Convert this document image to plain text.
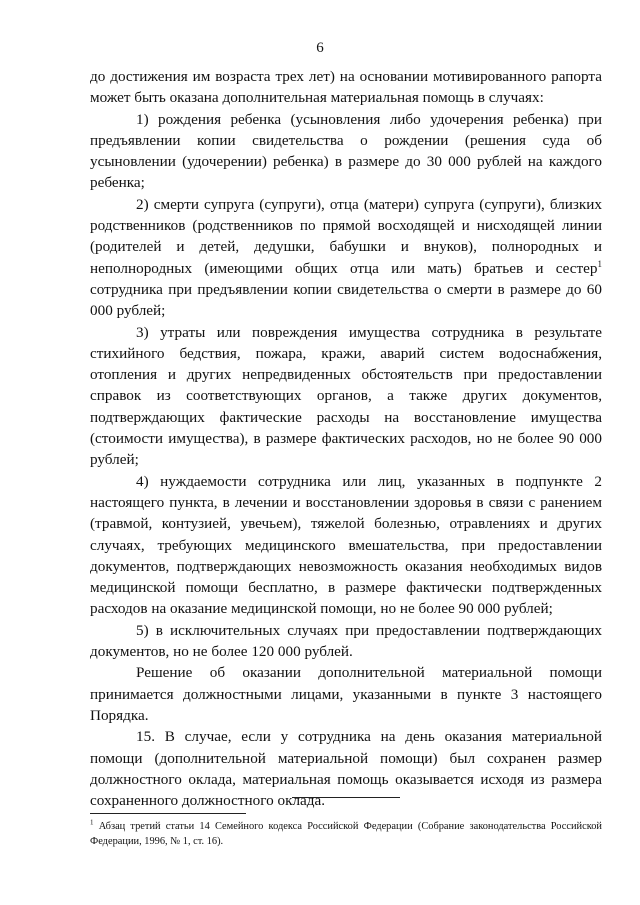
6

до достижения им возраста трех лет) на основании мотивированного рапорта может быть оказана дополнительная материальная помощь в случаях:

1) рождения ребенка (усыновления либо удочерения ребенка) при предъявлении копии свидетельства о рождении (решения суда об усыновлении (удочерении) ребенка) в размере до 30 000 рублей на каждого ребенка;

2) смерти супруга (супруги), отца (матери) супруга (супруги), близких родственников (родственников по прямой восходящей и нисходящей линии (родителей и детей, дедушки, бабушки и внуков), полнородных и неполнородных (имеющими общих отца или мать) братьев и сестер$^1$ сотрудника при предъявлении копии свидетельства о смерти в размере до 60 000 рублей;

3) утраты или повреждения имущества сотрудника в результате стихийного бедствия, пожара, кражи, аварий систем водоснабжения, отопления и других непредвиденных обстоятельств при предоставлении справок из соответствующих органов, а также других документов, подтверждающих фактические расходы на восстановление имущества (стоимости имущества), в размере фактических расходов, но не более 90 000 рублей;

4) нуждаемости сотрудника или лиц, указанных в подпункте 2 настоящего пункта, в лечении и восстановлении здоровья в связи с ранением (травмой, контузией, увечьем), тяжелой болезнью, отравлениях и других случаях, требующих медицинского вмешательства, при предоставлении документов, подтверждающих невозможность оказания необходимых видов медицинской помощи бесплатно, в размере фактически подтвержденных расходов на оказание медицинской помощи, но не более 90 000 рублей;

5) в исключительных случаях при предоставлении подтверждающих документов, но не более 120 000 рублей.

Решение об оказании дополнительной материальной помощи принимается должностными лицами, указанными в пункте 3 настоящего Порядка.

15. В случае, если у сотрудника на день оказания материальной помощи (дополнительной материальной помощи) был сохранен размер должностного оклада, материальная помощь оказывается исходя из размера сохраненного должностного оклада.

$^1$ Абзац третий статьи 14 Семейного кодекса Российской Федерации (Собрание законодательства Российской Федерации, 1996, № 1, ст. 16).
